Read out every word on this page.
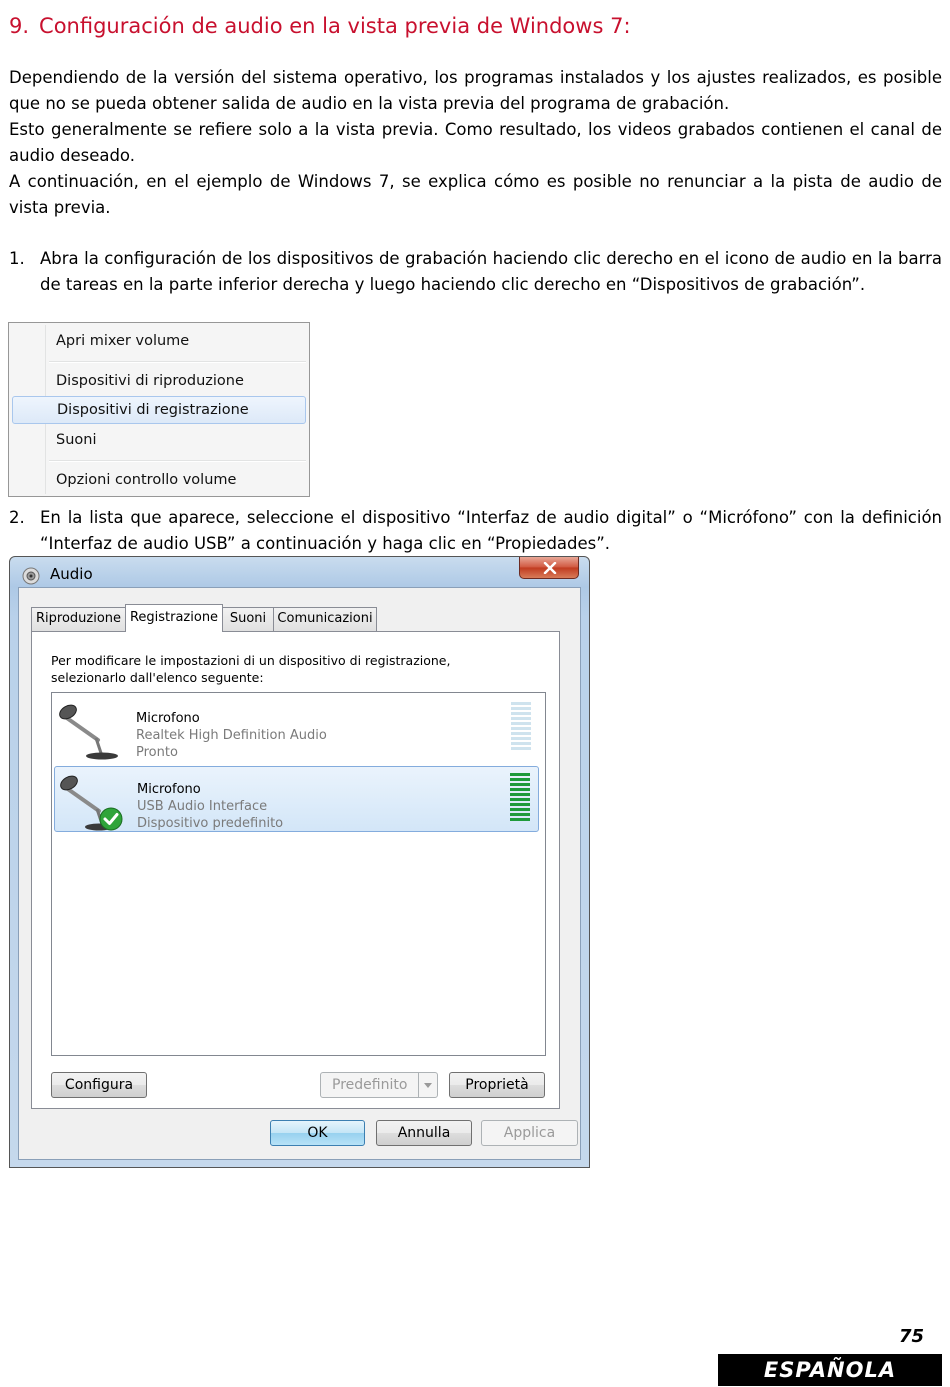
9. Configuración de audio en la vista previa de Windows 7:

Dependiendo de la versión del sistema operativo, los programas instalados y los ajustes realizados, es posible que no se pueda obtener salida de audio en la vista previa del programa de grabación.

Esto generalmente se refiere solo a la vista previa. Como resultado, los videos grabados contienen el canal de audio deseado.

A continuación, en el ejemplo de Windows 7, se explica cómo es posible no renunciar a la pista de audio de vista previa.

1. Abra la configuración de los dispositivos de grabación haciendo clic derecho en el icono de audio en la barra de tareas en la parte inferior derecha y luego haciendo clic derecho en “Dispositivos de grabación”.
Apri mixer volume
Dispositivi di riproduzione
Dispositivi di registrazione
Suoni
Opzioni controllo volume
2. En la lista que aparece, seleccione el dispositivo “Interfaz de audio digital” o “Micrófono” con la definición “Interfaz de audio USB” a continuación y haga clic en “Propiedades”.
Audio
Riproduzione Registrazione Suoni Comunicazioni
Per modificare le impostazioni di un dispositivo di registrazione,
selezionarlo dall'elenco seguente:
Microfono
Realtek High Definition Audio
Pronto
Microfono
USB Audio Interface
Dispositivo predefinito
Configura	Predefinito	Proprietà
OK	Annulla	Applica
75
ESPAÑOLA
